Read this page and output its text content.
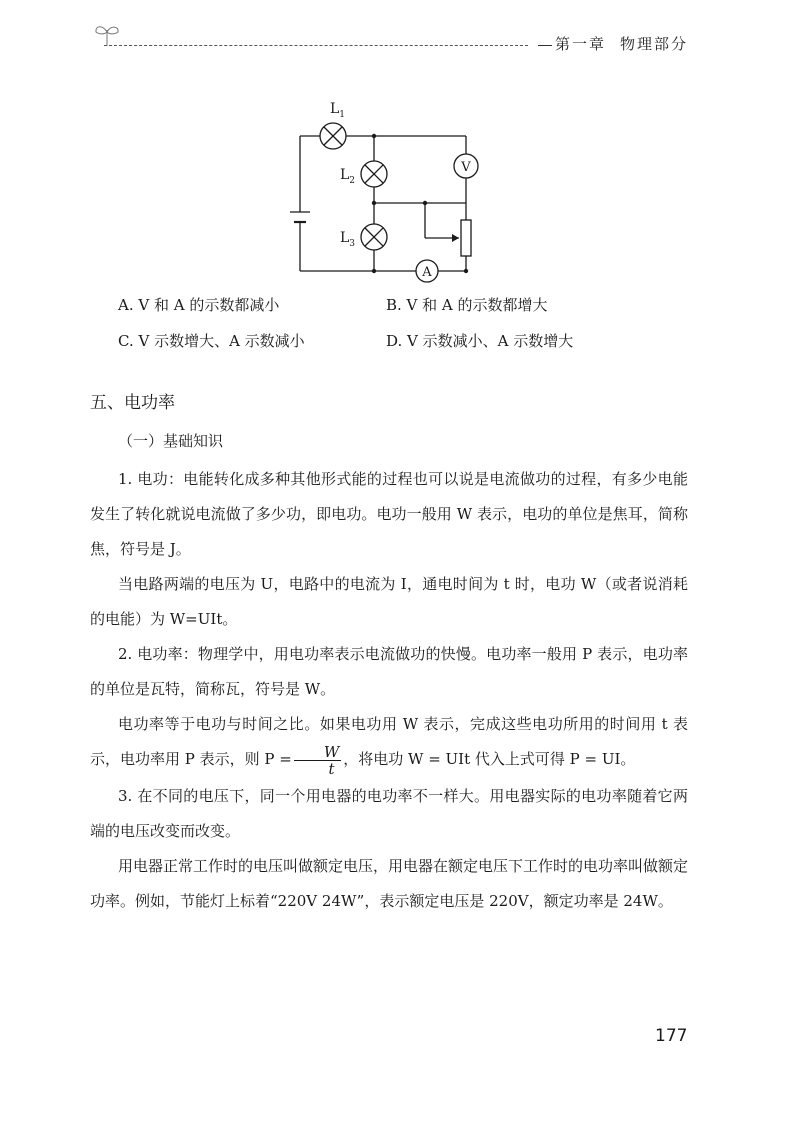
第一章 物理部分
V
A
$L_1$
$L_2$
$L_3$
A. V 和 A 的示数都减小	B. V 和 A 的示数都增大
C. V 示数增大、A 示数减小	D. V 示数减小、A 示数增大
五、电功率
（一）基础知识

1. 电功：电能转化成多种其他形式能的过程也可以说是电流做功的过程，有多少电能发生了转化就说电流做了多少功，即电功。电功一般用 W 表示，电功的单位是焦耳，简称焦，符号是 J。

当电路两端的电压为 U，电路中的电流为 I，通电时间为 t 时，电功 W（或者说消耗的电能）为 W=UIt。

2. 电功率：物理学中，用电功率表示电流做功的快慢。电功率一般用 P 表示，电功率的单位是瓦特，简称瓦，符号是 W。

电功率等于电功与时间之比。如果电功用 W 表示，完成这些电功所用的时间用 t 表示，电功率用 P 表示，则 $P = \frac{W}{t}$ ，将电功 W = UIt 代入上式可得 P = UI。

3. 在不同的电压下，同一个用电器的电功率不一样大。用电器实际的电功率随着它两端的电压改变而改变。

用电器正常工作时的电压叫做额定电压，用电器在额定电压下工作时的电功率叫做额定功率。例如，节能灯上标着“220V 24W”，表示额定电压是 220V，额定功率是 24W。

177
